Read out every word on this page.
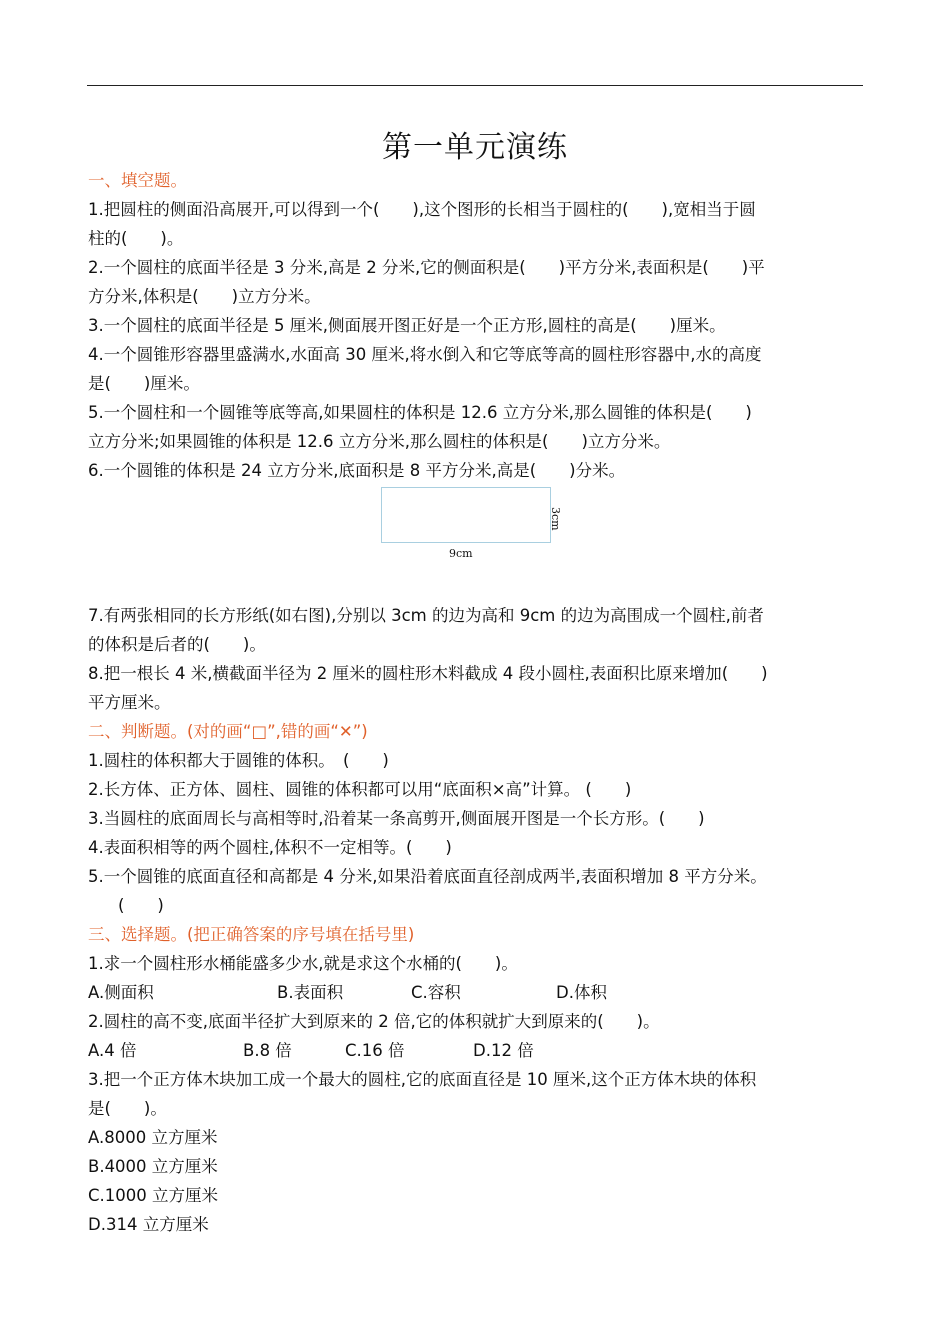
第一单元演练

一、填空题。

1.把圆柱的侧面沿高展开,可以得到一个(　　),这个图形的长相当于圆柱的(　　),宽相当于圆

柱的(　　)。

2.一个圆柱的底面半径是 3 分米,高是 2 分米,它的侧面积是(　　)平方分米,表面积是(　　)平

方分米,体积是(　　)立方分米。

3.一个圆柱的底面半径是 5 厘米,侧面展开图正好是一个正方形,圆柱的高是(　　)厘米。

4.一个圆锥形容器里盛满水,水面高 30 厘米,将水倒入和它等底等高的圆柱形容器中,水的高度

是(　　)厘米。

5.一个圆柱和一个圆锥等底等高,如果圆柱的体积是 12.6 立方分米,那么圆锥的体积是(　　)

立方分米;如果圆锥的体积是 12.6 立方分米,那么圆柱的体积是(　　)立方分米。

6.一个圆锥的体积是 24 立方分米,底面积是 8 平方分米,高是(　　)分米。

9cm
3cm

7.有两张相同的长方形纸(如右图),分别以 3cm 的边为高和 9cm 的边为高围成一个圆柱,前者

的体积是后者的(　　)。

8.把一根长 4 米,横截面半径为 2 厘米的圆柱形木料截成 4 段小圆柱,表面积比原来增加(　　)

平方厘米。

二、判断题。(对的画“□”,错的画“✕”)

1.圆柱的体积都大于圆锥的体积。　(　　)

2.长方体、正方体、圆柱、圆锥的体积都可以用“底面积×高”计算。 (　　)

3.当圆柱的底面周长与高相等时,沿着某一条高剪开,侧面展开图是一个长方形。(　　)

4.表面积相等的两个圆柱,体积不一定相等。(　　)

5.一个圆锥的底面直径和高都是 4 分米,如果沿着底面直径剖成两半,表面积增加 8 平方分米。

(　　)

三、选择题。(把正确答案的序号填在括号里)

1.求一个圆柱形水桶能盛多少水,就是求这个水桶的(　　)。

A.侧面积	B.表面积	C.容积	D.体积

2.圆柱的高不变,底面半径扩大到原来的 2 倍,它的体积就扩大到原来的(　　)。

A.4 倍	B.8 倍	C.16 倍	D.12 倍

3.把一个正方体木块加工成一个最大的圆柱,它的底面直径是 10 厘米,这个正方体木块的体积

是(　　)。

A.8000 立方厘米

B.4000 立方厘米

C.1000 立方厘米

D.314 立方厘米
